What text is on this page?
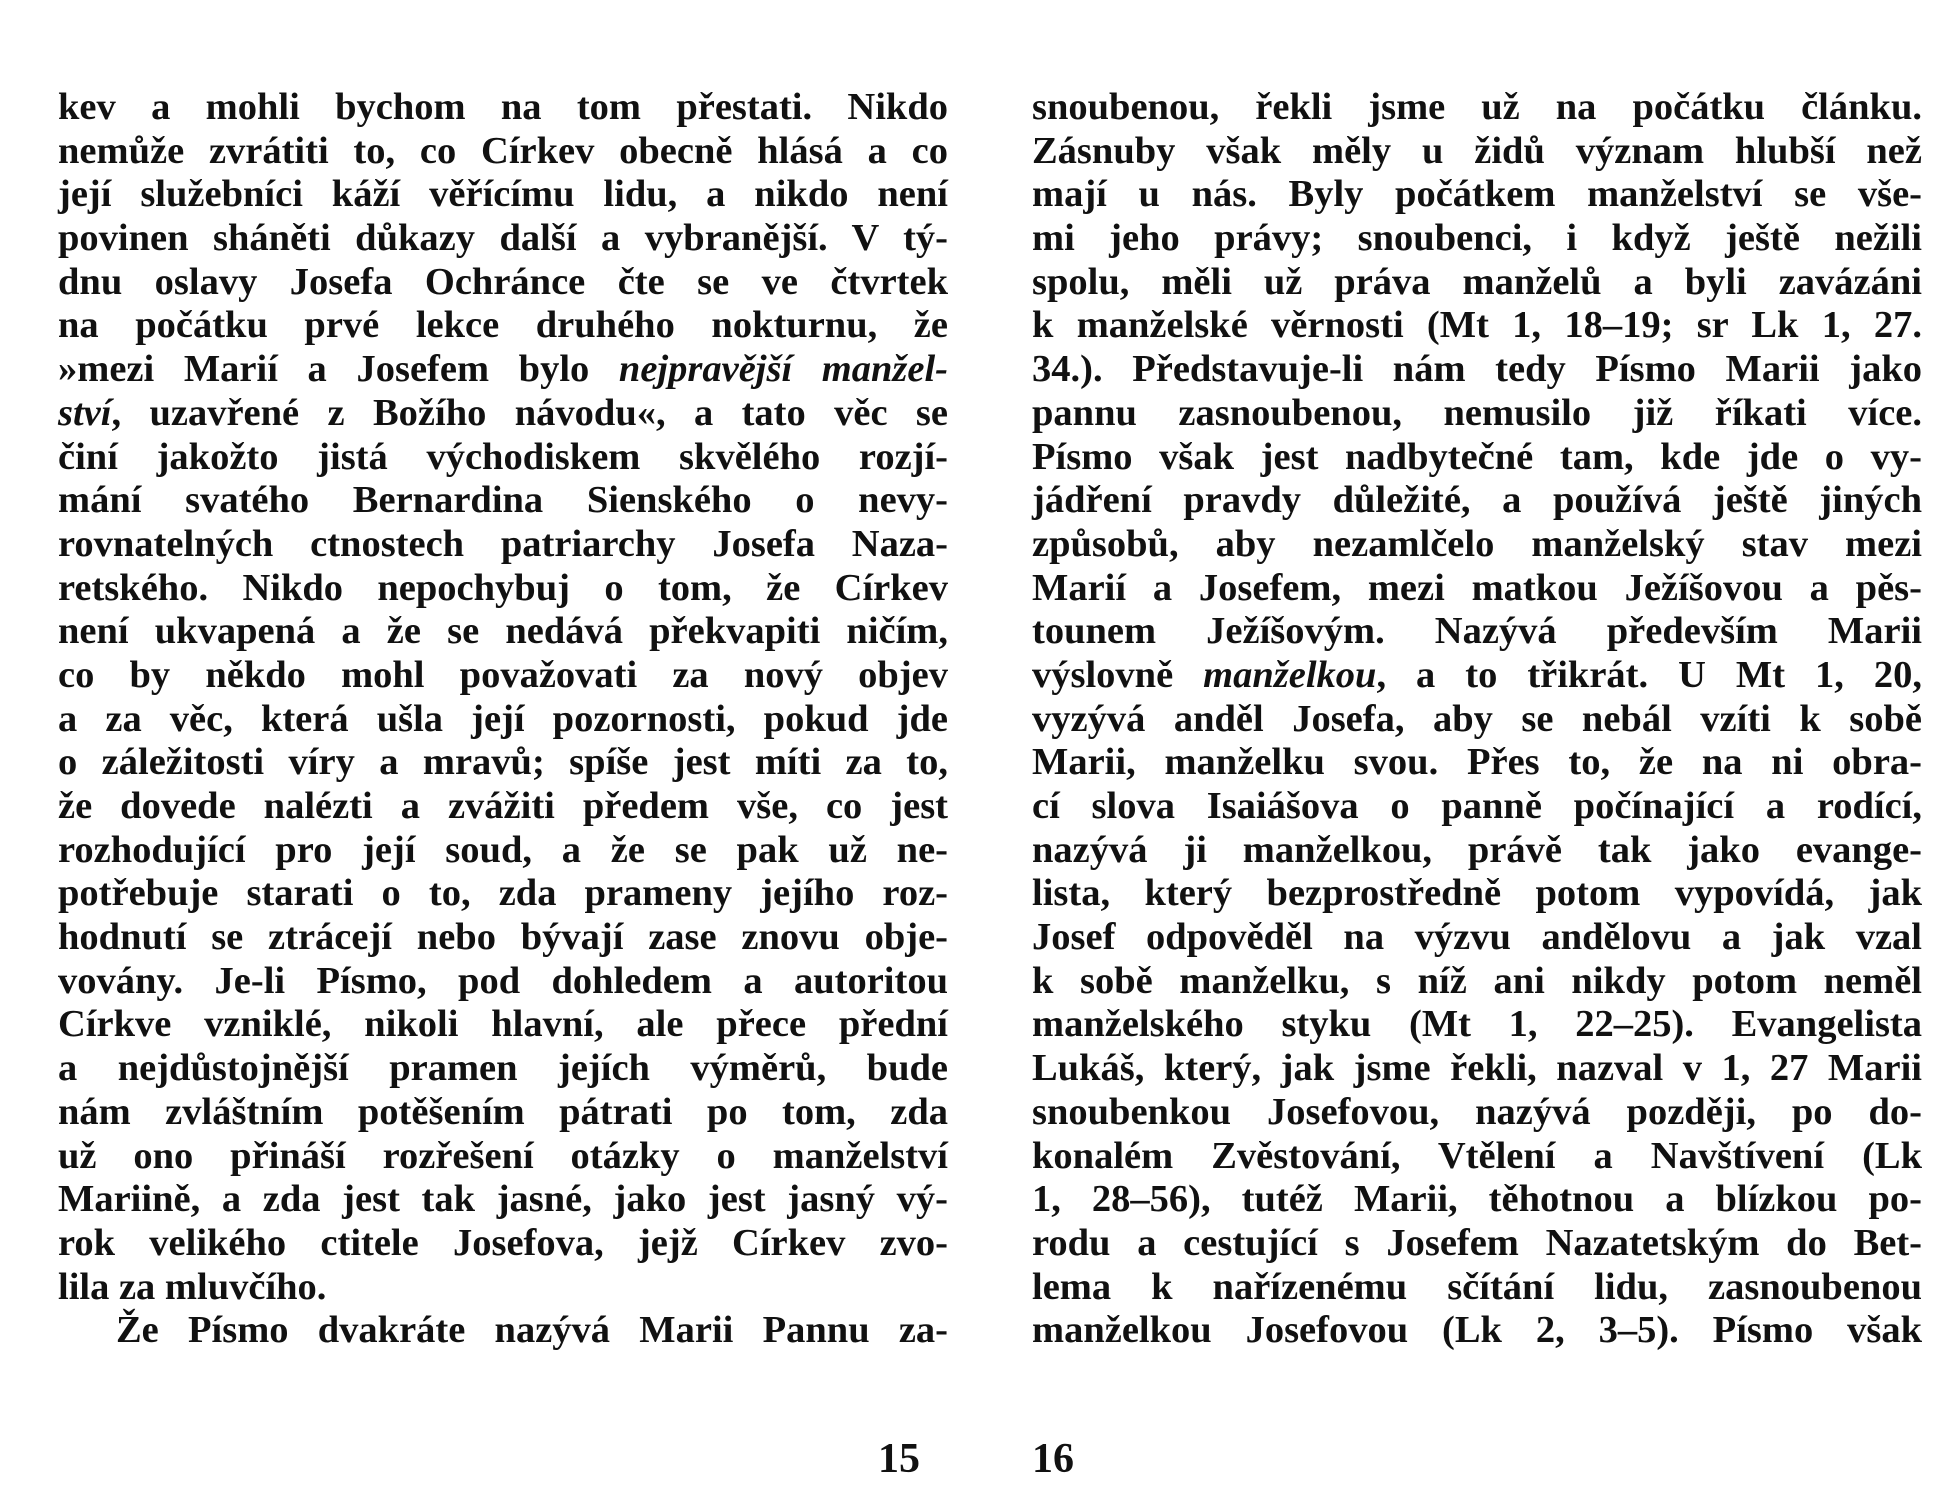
kev a mohli bychom na tom přestati. Nikdo
nemůže zvrátiti to, co Církev obecně hlásá a co
její služebníci káží věřícímu lidu, a nikdo není
povinen sháněti důkazy další a vybranější. V tý-
dnu oslavy Josefa Ochránce čte se ve čtvrtek
na počátku prvé lekce druhého nokturnu, že
»mezi Marií a Josefem bylo nejpravější manžel-
ství, uzavřené z Božího návodu«, a tato věc se
činí jakožto jistá východiskem skvělého rozjí-
mání svatého Bernardina Sienského o nevy-
rovnatelných ctnostech patriarchy Josefa Naza-
retského. Nikdo nepochybuj o tom, že Církev
není ukvapená a že se nedává překvapiti ničím,
co by někdo mohl považovati za nový objev
a za věc, která ušla její pozornosti, pokud jde
o záležitosti víry a mravů; spíše jest míti za to,
že dovede nalézti a zvážiti předem vše, co jest
rozhodující pro její soud, a že se pak už ne-
potřebuje starati o to, zda prameny jejího roz-
hodnutí se ztrácejí nebo bývají zase znovu obje-
vovány. Je-li Písmo, pod dohledem a autoritou
Církve vzniklé, nikoli hlavní, ale přece přední
a nejdůstojnější pramen jejích výměrů, bude
nám zvláštním potěšením pátrati po tom, zda
už ono přináší rozřešení otázky o manželství
Mariině, a zda jest tak jasné, jako jest jasný vý-
rok velikého ctitele Josefova, jejž Církev zvo-
lila za mluvčího.
Že Písmo dvakráte nazývá Marii Pannu za-
snoubenou, řekli jsme už na počátku článku.
Zásnuby však měly u židů význam hlubší než
mají u nás. Byly počátkem manželství se vše-
mi jeho právy; snoubenci, i když ještě nežili
spolu, měli už práva manželů a byli zavázáni
k manželské věrnosti (Mt 1, 18–19; sr Lk 1, 27.
34.). Představuje-li nám tedy Písmo Marii jako
pannu zasnoubenou, nemusilo již říkati více.
Písmo však jest nadbytečné tam, kde jde o vy-
jádření pravdy důležité, a používá ještě jiných
způsobů, aby nezamlčelo manželský stav mezi
Marií a Josefem, mezi matkou Ježíšovou a pěs-
tounem Ježíšovým. Nazývá především Marii
výslovně manželkou, a to třikrát. U Mt 1, 20,
vyzývá anděl Josefa, aby se nebál vzíti k sobě
Marii, manželku svou. Přes to, že na ni obra-
cí slova Isaiášova o panně počínající a rodící,
nazývá ji manželkou, právě tak jako evange-
lista, který bezprostředně potom vypovídá, jak
Josef odpověděl na výzvu andělovu a jak vzal
k sobě manželku, s níž ani nikdy potom neměl
manželského styku (Mt 1, 22–25). Evangelista
Lukáš, který, jak jsme řekli, nazval v 1, 27 Marii
snoubenkou Josefovou, nazývá později, po do-
konalém Zvěstování, Vtělení a Navštívení (Lk
1, 28–56), tutéž Marii, těhotnou a blízkou po-
rodu a cestující s Josefem Nazatetským do Bet-
lema k nařízenému sčítání lidu, zasnoubenou
manželkou Josefovou (Lk 2, 3–5). Písmo však
15	16
